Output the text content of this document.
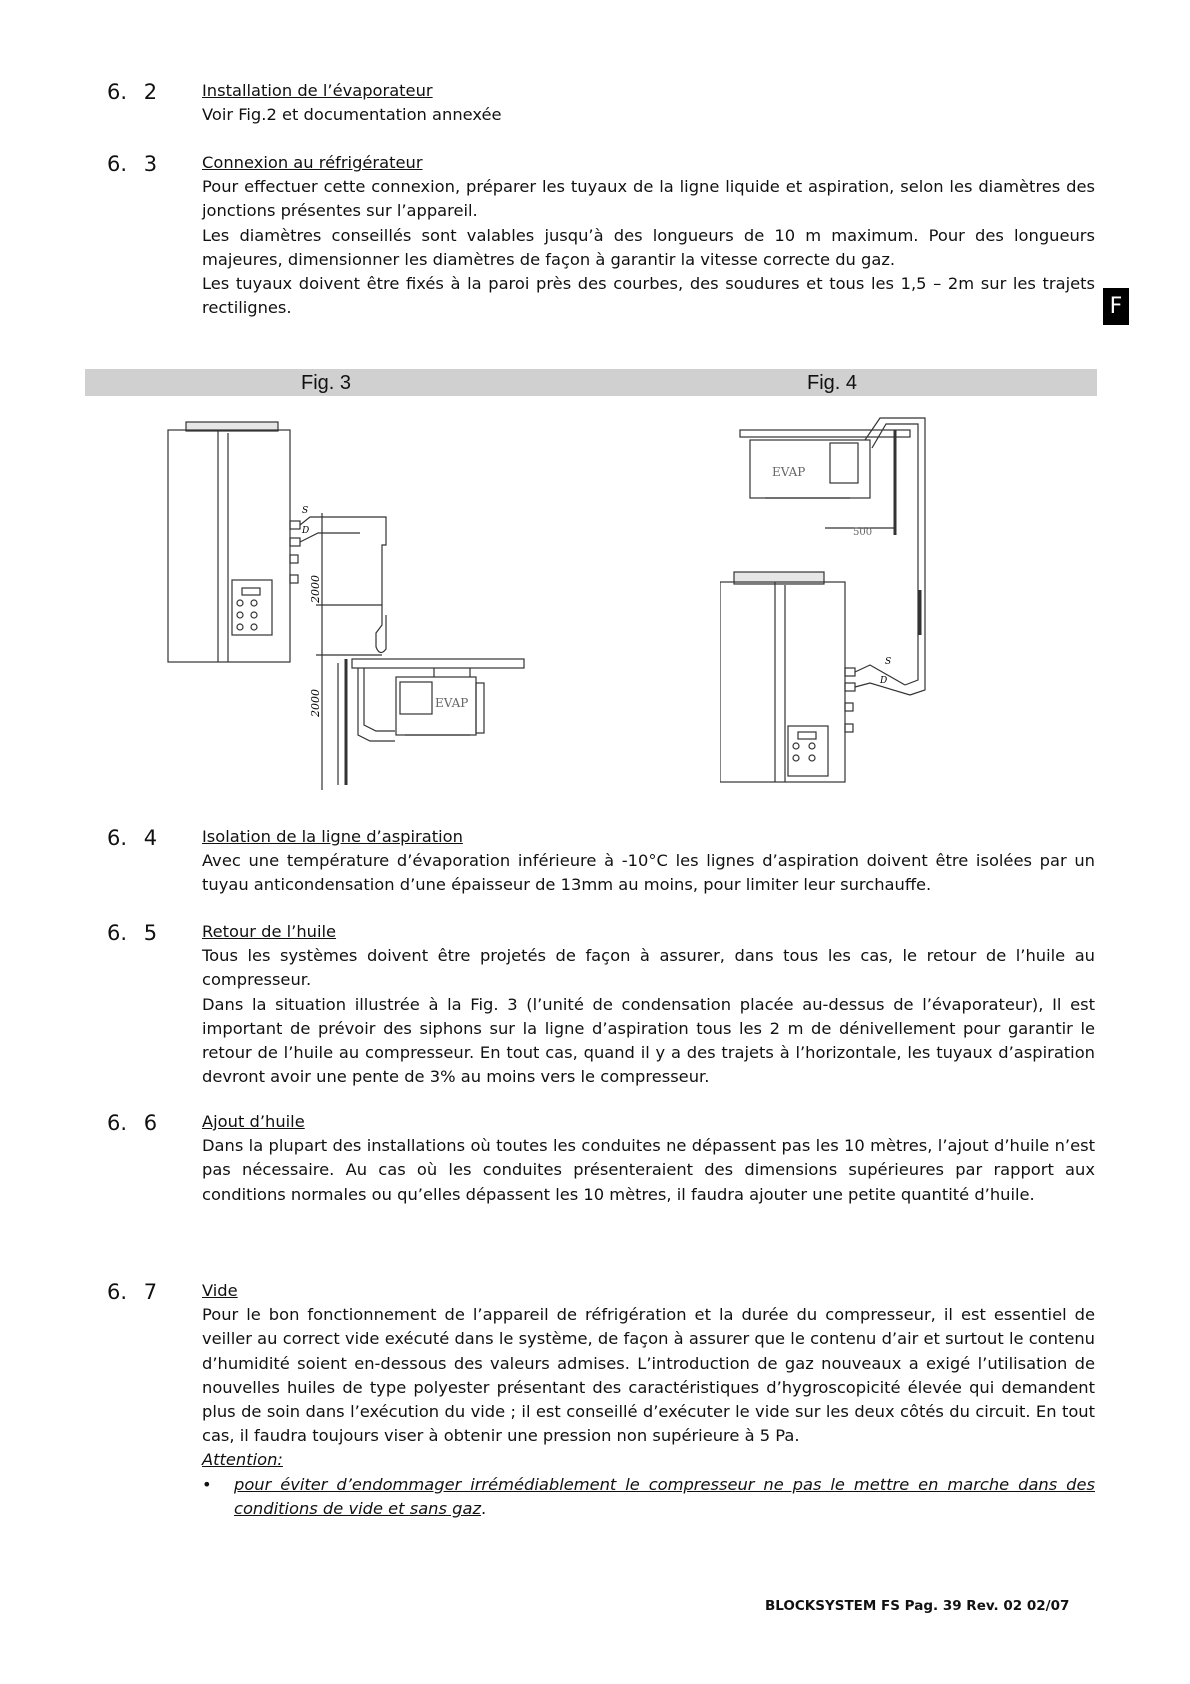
F
6. 2	Installation de l’évaporateur
Voir Fig.2 et documentation annexée
6. 3	Connexion au réfrigérateur
Pour effectuer cette connexion, préparer les tuyaux de la ligne liquide et aspiration, selon les diamètres des jonctions présentes sur l’appareil.
Les diamètres conseillés sont valables jusqu’à des longueurs de 10 m maximum. Pour des longueurs majeures, dimensionner les diamètres de façon à garantir la vitesse correcte du gaz.
Les tuyaux doivent être fixés à la paroi près des courbes, des soudures et tous les 1,5 – 2m sur les trajets rectilignes.
Fig. 3	Fig. 4
EVAP
S
D
2000
2000
EVAP
500
S
D
6. 4	Isolation de la ligne d’aspiration
Avec une température d’évaporation inférieure à -10°C les lignes d’aspiration doivent être isolées par un tuyau anticondensation d’une épaisseur de 13mm au moins, pour limiter leur surchauffe.
6. 5	Retour de l’huile
Tous les systèmes doivent être projetés de façon à assurer, dans tous les cas, le retour de l’huile au compresseur.
Dans la situation illustrée à la Fig. 3 (l’unité de condensation placée au-dessus de l’évaporateur), Il est important de prévoir des siphons sur la ligne d’aspiration tous les 2 m de dénivellement pour garantir le retour de l’huile au compresseur. En tout cas, quand il y a des trajets à l’horizontale, les tuyaux d’aspiration devront avoir une pente de 3% au moins vers le compresseur.
6. 6	Ajout d’huile
Dans la plupart des installations où toutes les conduites ne dépassent pas les 10 mètres, l’ajout d’huile n’est pas nécessaire. Au cas où les conduites présenteraient des dimensions supérieures par rapport aux conditions normales ou qu’elles dépassent les 10 mètres, il faudra ajouter une petite quantité d’huile.
6. 7	Vide
Pour le bon fonctionnement de l’appareil de réfrigération et la durée du compresseur, il est essentiel de veiller au correct vide exécuté dans le système, de façon à assurer que le contenu d’air et surtout le contenu d’humidité soient en-dessous des valeurs admises. L’introduction de gaz nouveaux a exigé l’utilisation de nouvelles huiles de type polyester présentant des caractéristiques d’hygroscopicité élevée qui demandent plus de soin dans l’exécution du vide ; il est conseillé d’exécuter le vide sur les deux côtés du circuit. En tout cas, il faudra toujours viser à obtenir une pression non supérieure à 5 Pa.
Attention:
• pour éviter d’endommager irrémédiablement le compresseur ne pas le mettre en marche dans des conditions de vide et sans gaz.
BLOCKSYSTEM FS Pag. 39 Rev. 02 02/07
